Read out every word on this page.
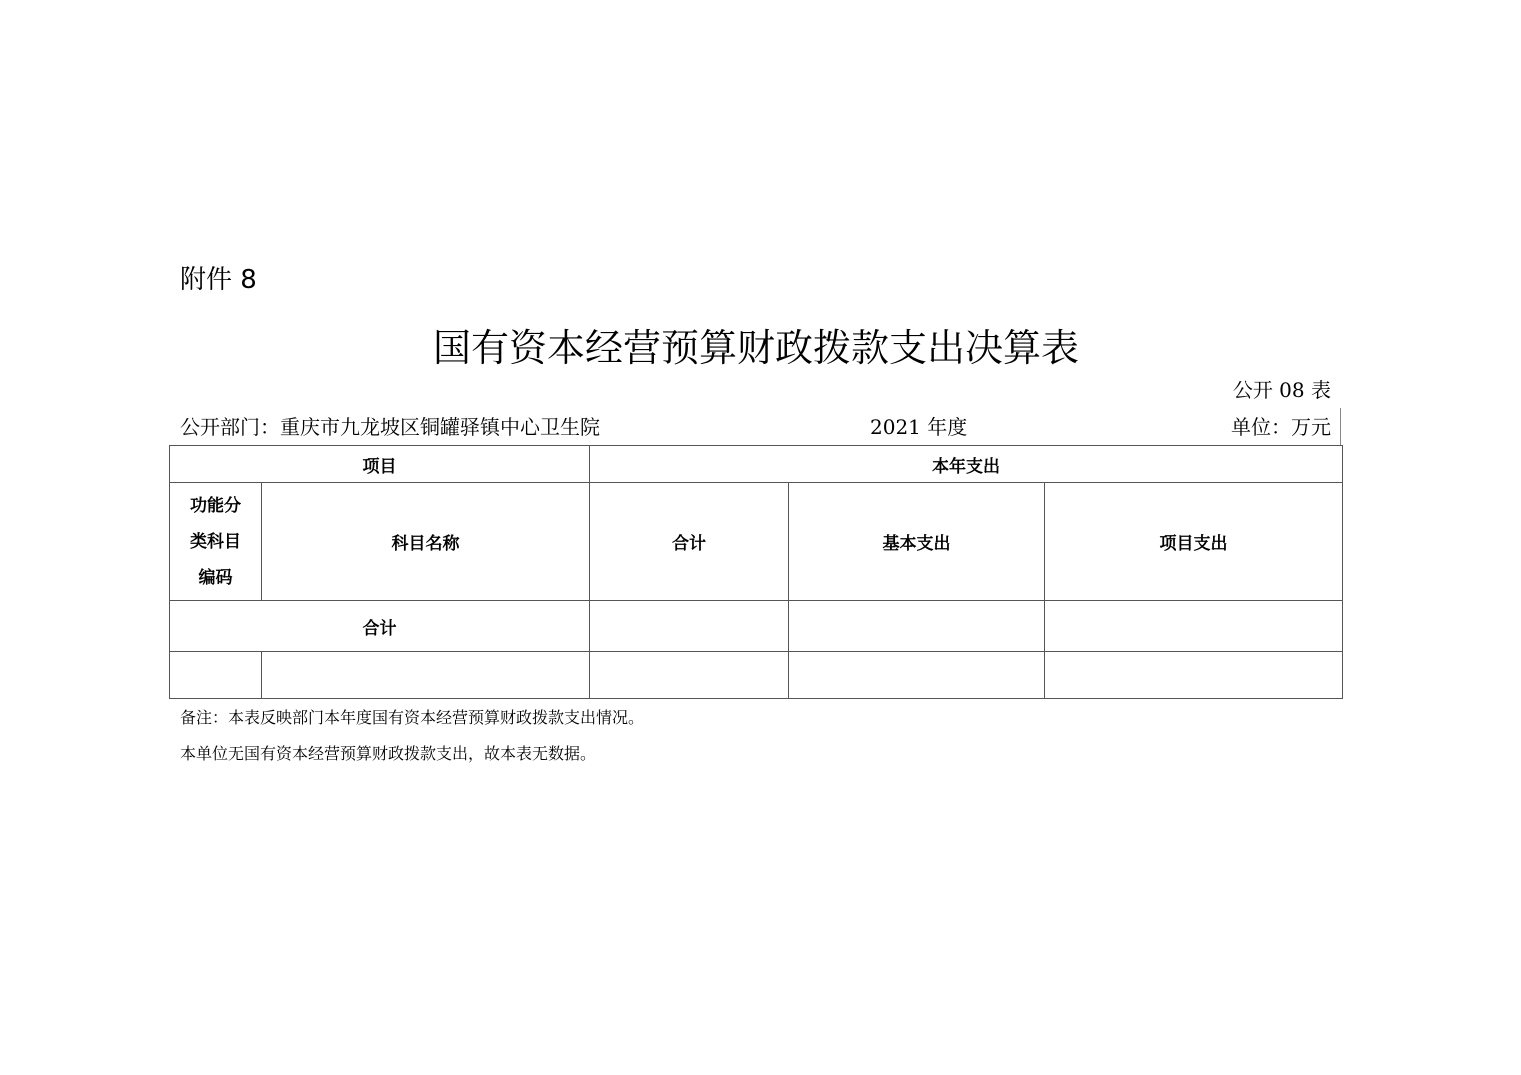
附件 8
国有资本经营预算财政拨款支出决算表
公开 08 表
公开部门：重庆市九龙坡区铜罐驿镇中心卫生院	2021 年度	单位：万元
项目		本年支出		

功能分
类科目
编码	科目名称	合计	基本支出	项目支出
合计				

备注：本表反映部门本年度国有资本经营预算财政拨款支出情况。
本单位无国有资本经营预算财政拨款支出，故本表无数据。
